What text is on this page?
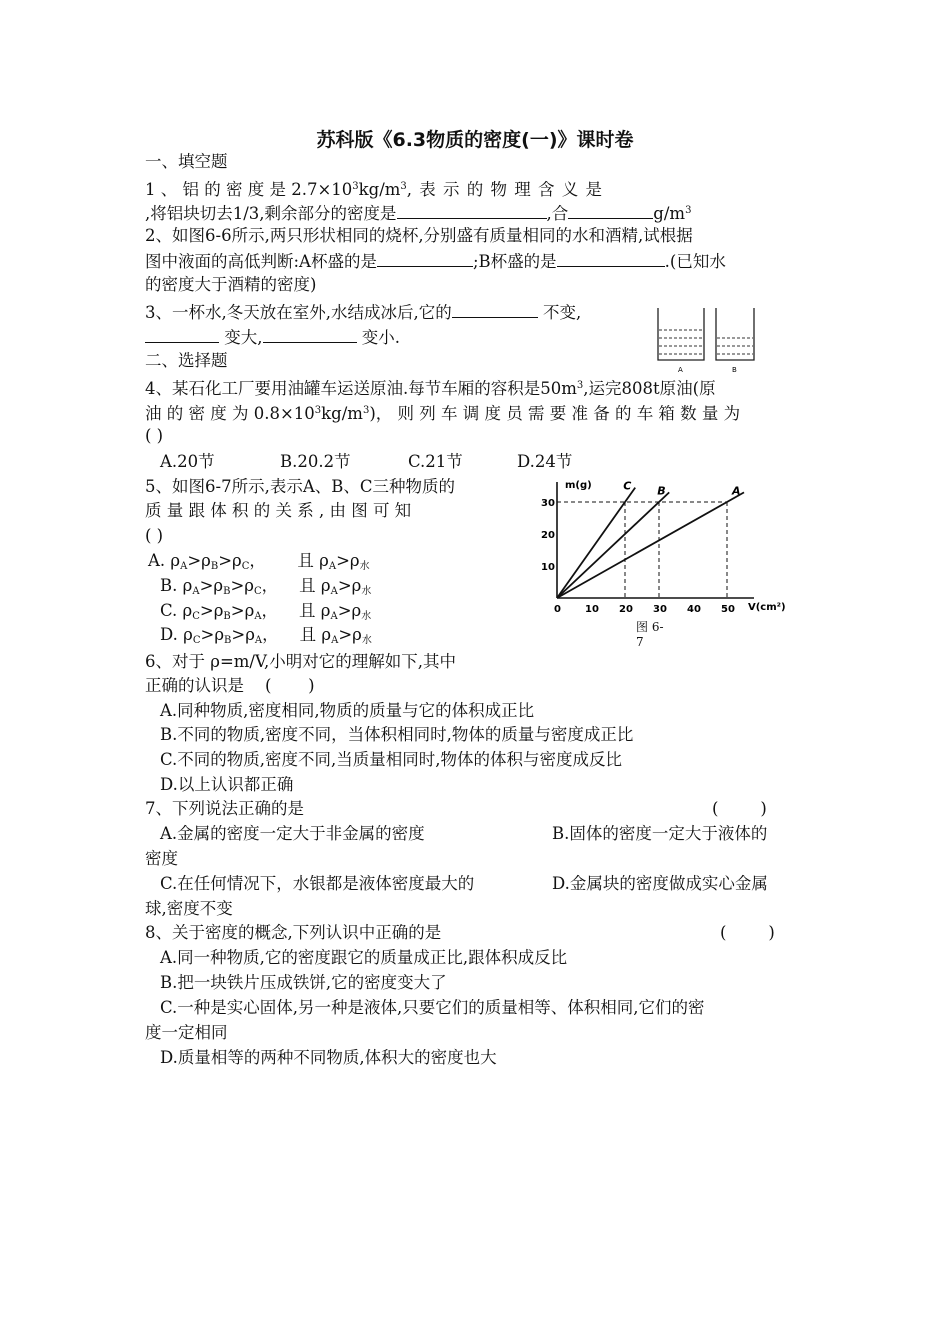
苏科版《6.3物质的密度(一)》课时卷
一、填空题
1 、 铝 的 密 度 是 $2.7\times 10^3kg/m^3$, 表 示 的 物 理 含 义 是
,将铝块切去1/3,剩余部分的密度是	,合	$g/m^3$
2、如图6-6所示,两只形状相同的烧杯,分别盛有质量相同的水和酒精,试根据
图中液面的高低判断:A杯盛的是	;B杯盛的是	.(已知水
的密度大于酒精的密度)
3、一杯水,冬天放在室外,水结成冰后,它的	不变,
变大,	变小.
A	B
二、选择题
4、某石化工厂要用油罐车运送原油.每节车厢的容积是$50m^3$,运完808t原油(原
油 的 密 度 为 $0.8\times 10^3kg/m^3$)， 则 列 车 调 度 员 需 要 准 备 的 车 箱 数 量 为
( )
A.20节	B.20.2节	C.21节	D.24节
5、如图6-7所示,表示A、B、C三种物质的
质 量 跟 体 积 的 关 系 , 由 图 可 知
( )
A. $\rho_A>\rho_B>\rho_C$，      且 $\rho_A>\rho_水$
B. $\rho_A>\rho_B>\rho_C$，    且 $\rho_A>\rho_水$
C. $\rho_C>\rho_B>\rho_A$，    且 $\rho_A>\rho_水$
D. $\rho_C>\rho_B>\rho_A$，    且 $\rho_A>\rho_水$
m(g)
V(cm²)
0 10 20 30 40 50
10
20
30
C B	A
图 6-
7
6、对于 ρ=m/V,小明对它的理解如下,其中
正确的认识是    (       )
A.同种物质,密度相同,物质的质量与它的体积成正比
B.不同的物质,密度不同，当体积相同时,物体的质量与密度成正比
C.不同的物质,密度不同,当质量相同时,物体的体积与密度成反比
D.以上认识都正确
7、下列说法正确的是	(        )
A.金属的密度一定大于非金属的密度	B.固体的密度一定大于液体的
密度
C.在任何情况下，水银都是液体密度最大的	D.金属块的密度做成实心金属
球,密度不变
8、关于密度的概念,下列认识中正确的是	(        )
A.同一种物质,它的密度跟它的质量成正比,跟体积成反比
B.把一块铁片压成铁饼,它的密度变大了
C.一种是实心固体,另一种是液体,只要它们的质量相等、体积相同,它们的密
度一定相同
D.质量相等的两种不同物质,体积大的密度也大
